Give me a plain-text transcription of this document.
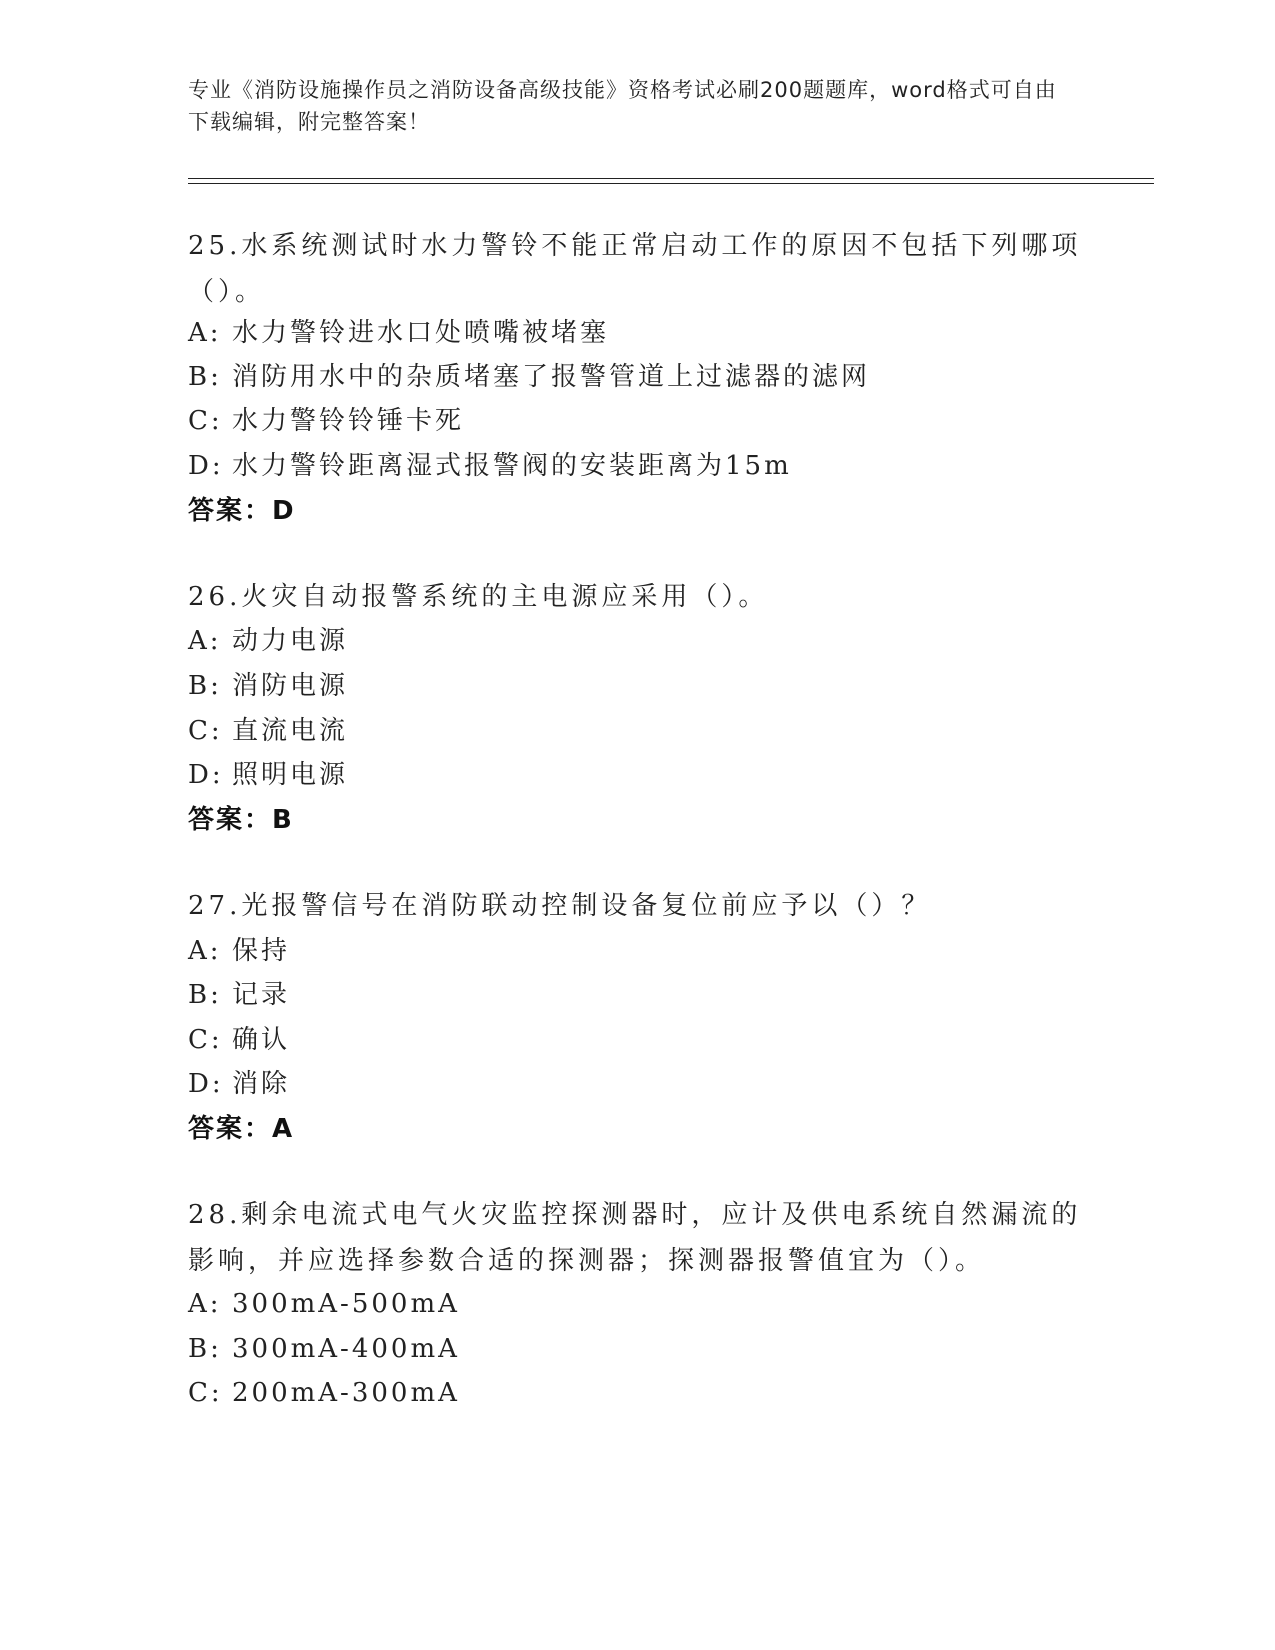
专业《消防设施操作员之消防设备高级技能》资格考试必刷200题题库，word格式可自由下载编辑，附完整答案！
25.水系统测试时水力警铃不能正常启动工作的原因不包括下列哪项（）。
A: 水力警铃进水口处喷嘴被堵塞
B: 消防用水中的杂质堵塞了报警管道上过滤器的滤网
C: 水力警铃铃锤卡死
D: 水力警铃距离湿式报警阀的安装距离为15m
答案：D
26.火灾自动报警系统的主电源应采用（）。
A: 动力电源
B: 消防电源
C: 直流电流
D: 照明电源
答案：B
27.光报警信号在消防联动控制设备复位前应予以（）？
A: 保持
B: 记录
C: 确认
D: 消除
答案：A
28.剩余电流式电气火灾监控探测器时，应计及供电系统自然漏流的影响，并应选择参数合适的探测器；探测器报警值宜为（）。
A: 300mA-500mA
B: 300mA-400mA
C: 200mA-300mA
